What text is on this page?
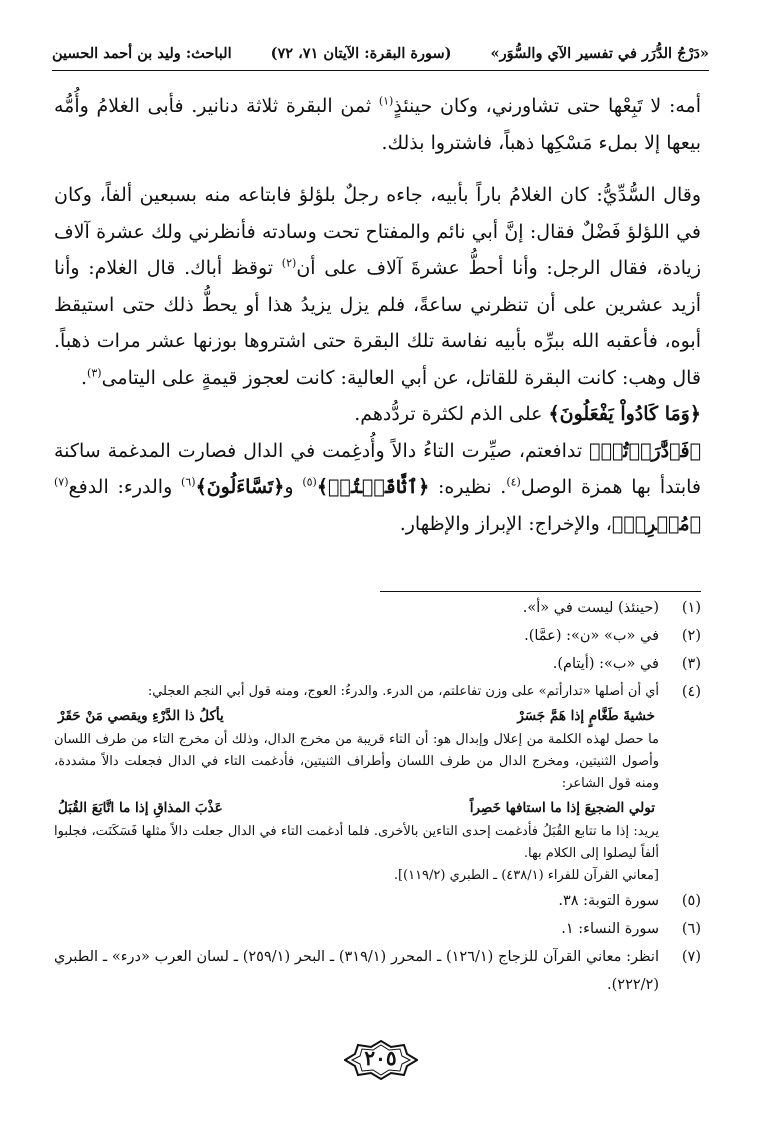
«دَرْجُ الدُّرَر في تفسير الآي والسُّوَر»
(سورة البقرة: الآيتان ٧١، ٧٢)
الباحث: وليد بن أحمد الحسين

أمه: لا تَبِعْها حتى تشاورني، وكان حينئذٍ$^{(١)}$ ثمن البقرة ثلاثة دنانير. فأبى الغلامُ وأُمُّه بيعها إلا بملء مَسْكِها ذهباً، فاشتروا بذلك.

وقال السُّدِّيُّ: كان الغلامُ باراً بأبيه، جاءه رجلٌ بلؤلؤ فابتاعه منه بسبعين ألفاً، وكان في اللؤلؤ فَضْلٌ فقال: إنَّ أبي نائم والمفتاح تحت وسادته فأنظرني ولك عشرة آلاف زيادة، فقال الرجل: وأنا أحطُّ عشرةَ آلاف على أن$^{(٢)}$ توقظ أباك. قال الغلام: وأنا أزيد عشرين على أن تنظرني ساعةً، فلم يزل يزيدُ هذا أو يحطُّ ذلك حتى استيقظ أبوه، فأعقبه الله ببرِّه بأبيه نفاسة تلك البقرة حتى اشتروها بوزنها عشر مرات ذهباً. قال وهب: كانت البقرة للقاتل، عن أبي العالية: كانت لعجوز قيمةٍ على اليتامى$^{(٣)}$.

﴿وَمَا كَادُواْ يَفْعَلُونَ﴾ على الذم لكثرة تردُّدهم.

﴿فَٱدَّٰرَءۡتُمۡ﴾ تدافعتم، صيِّرت التاءُ دالاً وأُدغِمت في الدال فصارت المدغمة ساكنة فابتدأ بها همزة الوصل$^{(٤)}$. نظيره: ﴿ٱثَّاقَلۡتُمۡ﴾$^{(٥)}$ و﴿تَسَّاءَلُونَ﴾$^{(٦)}$ والدرء: الدفع$^{(٧)}$ ﴿مُخۡرِجٞ﴾، والإخراج: الإبراز والإظهار.

(١)
(حينئذ) ليست في «أ».
(٢)
في «ب» «ن»: (عمَّا).
(٣)
في «ب»: (أيتام).
(٤)
أي أن أصلها «تدارأتم» على وزن تفاعلتم، من الدرء. والدرءُ: العوج، ومنه قول أبي النجم العجلي:
خشيةَ طَغَّامٍ إذا هَمَّ جَسَرْ
يأكلُ ذا الدَّرْءِ ويقصي مَنْ حَقَرْ
ما حصل لهذه الكلمة من إعلال وإبدال هو: أن التاء قريبة من مخرج الدال، وذلك أن مخرج التاء من طرف اللسان وأصول الثنيتين، ومخرج الدال من طرف اللسان وأطراف الثنيتين، فأدغمت التاء في الدال فجعلت دالاً مشددة، ومنه قول الشاعر:
تولي الضجيعَ إذا ما استافها خَصِراً
عَذْبَ المذاقِ إذا ما اتَّابَعَ القُبَلُ
يريد: إذا ما تتابع القُبَلُ فأدغمت إحدى التاءين بالأخرى. فلما أدغمت التاء في الدال جعلت دالاً مثلها فَسَكَنَت، فجلبوا ألفاً ليصلوا إلى الكلام بها.
[معاني القرآن للفراء (٤٣٨/١) ـ الطبري (١١٩/٢)].
(٥)
سورة التوبة: ٣٨.
(٦)
سورة النساء: ١.
(٧)
انظر: معاني القرآن للزجاج (١٢٦/١) ـ المحرر (٣١٩/١) ـ البحر (٢٥٩/١) ـ لسان العرب «درء» ـ الطبري (٢٢٢/٢).
٢٠٥
